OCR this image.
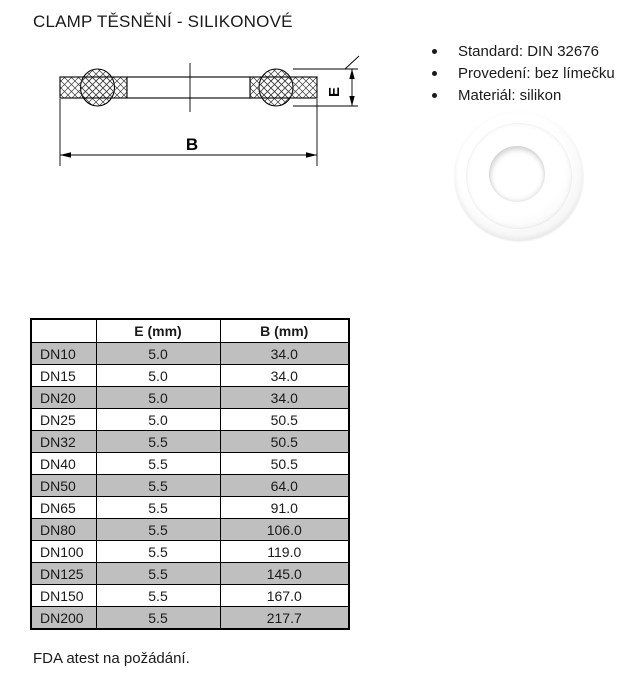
CLAMP TĚSNĚNÍ - SILIKONOVÉ
E
B
Standard: DIN 32676
Provedení: bez límečku
Materiál: silikon
	E (mm)	B (mm)
DN10	5.0	34.0
DN15	5.0	34.0
DN20	5.0	34.0
DN25	5.0	50.5
DN32	5.5	50.5
DN40	5.5	50.5
DN50	5.5	64.0
DN65	5.5	91.0
DN80	5.5	106.0
DN100	5.5	119.0
DN125	5.5	145.0
DN150	5.5	167.0
DN200	5.5	217.7
FDA atest na požádání.
